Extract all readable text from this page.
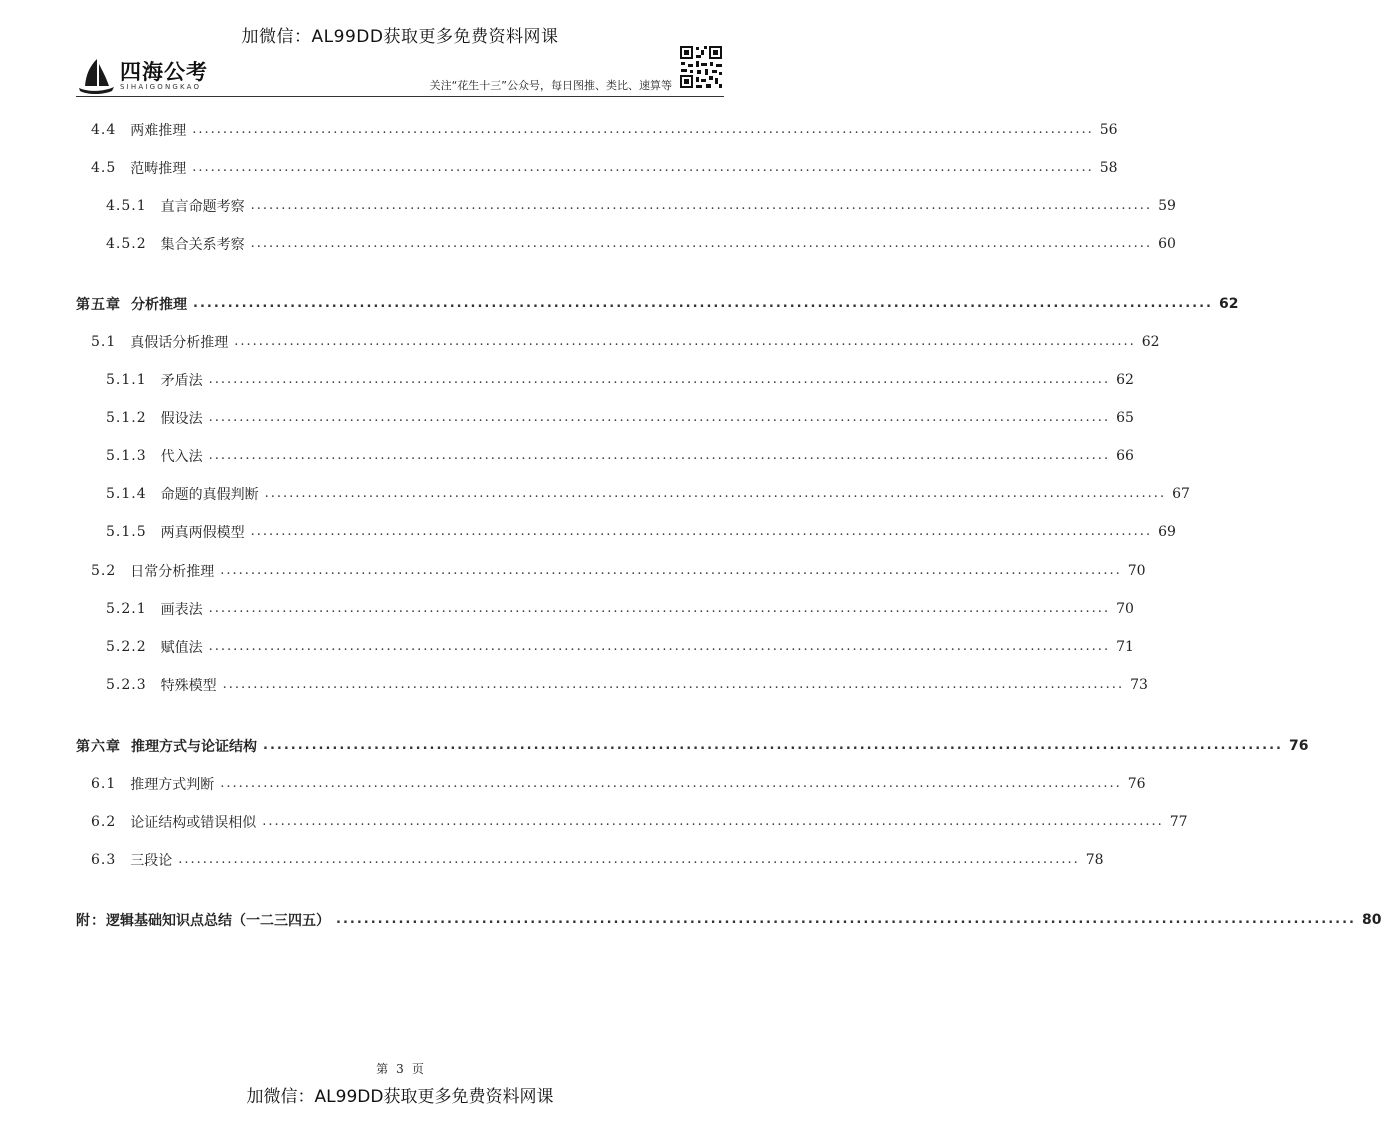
加微信：AL99DD获取更多免费资料网课
四海公考
SIHAIGONGKAO	关注“花生十三”公众号，每日图推、类比、速算等
4.4 两难推理 .....	56
4.5 范畴推理 .....	58
4.5.1 直言命题考察 .....	59
4.5.2 集合关系考察 .....	60
第五章 分析推理 .....	62
5.1 真假话分析推理 .....	62
5.1.1 矛盾法 .....	62
5.1.2 假设法 .....	65
5.1.3 代入法 .....	66
5.1.4 命题的真假判断 .....	67
5.1.5 两真两假模型 .....	69
5.2 日常分析推理 .....	70
5.2.1 画表法 .....	70
5.2.2 赋值法 .....	71
5.2.3 特殊模型 .....	73
第六章 推理方式与论证结构 .....	76
6.1 推理方式判断 .....	76
6.2 论证结构或错误相似 .....	77
6.3 三段论 .....	78
附： 逻辑基础知识点总结（一二三四五） .....	80
第 3 页
加微信：AL99DD获取更多免费资料网课
